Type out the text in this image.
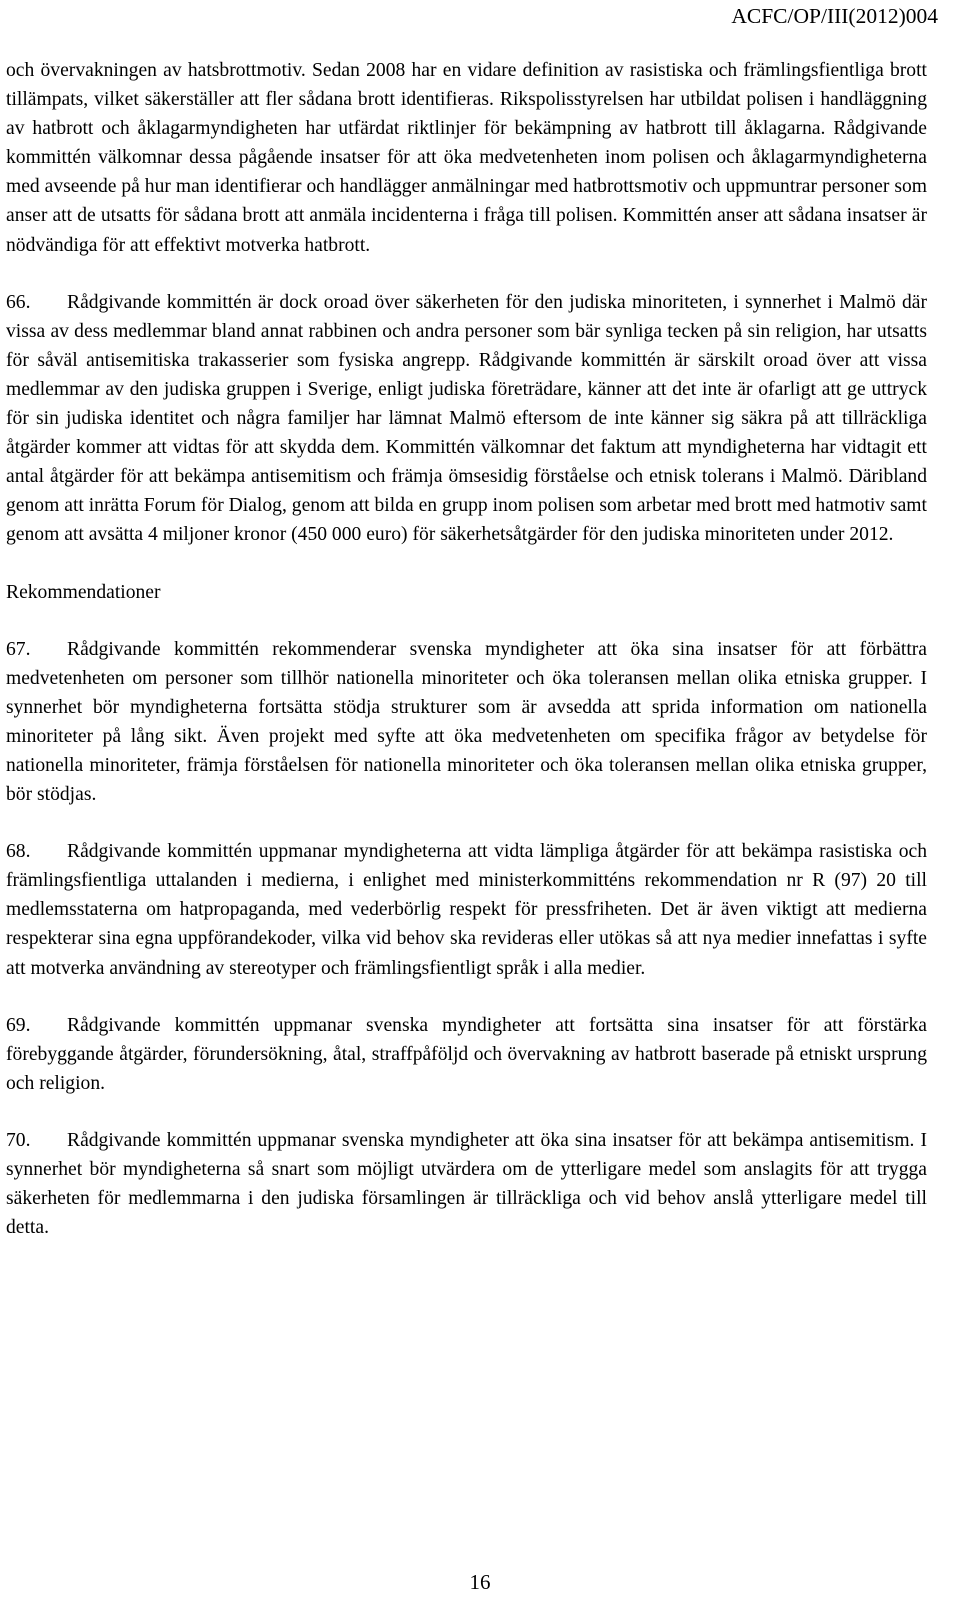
ACFC/OP/III(2012)004

och övervakningen av hatsbrottmotiv. Sedan 2008 har en vidare definition av rasistiska och främlingsfientliga brott tillämpats, vilket säkerställer att fler sådana brott identifieras. Rikspolisstyrelsen har utbildat polisen i handläggning av hatbrott och åklagarmyndigheten har utfärdat riktlinjer för bekämpning av hatbrott till åklagarna. Rådgivande kommittén välkomnar dessa pågående insatser för att öka medvetenheten inom polisen och åklagarmyndigheterna med avseende på hur man identifierar och handlägger anmälningar med hatbrottsmotiv och uppmuntrar personer som anser att de utsatts för sådana brott att anmäla incidenterna i fråga till polisen. Kommittén anser att sådana insatser är nödvändiga för att effektivt motverka hatbrott.

66. Rådgivande kommittén är dock oroad över säkerheten för den judiska minoriteten, i synnerhet i Malmö där vissa av dess medlemmar bland annat rabbinen och andra personer som bär synliga tecken på sin religion, har utsatts för såväl antisemitiska trakasserier som fysiska angrepp. Rådgivande kommittén är särskilt oroad över att vissa medlemmar av den judiska gruppen i Sverige, enligt judiska företrädare, känner att det inte är ofarligt att ge uttryck för sin judiska identitet och några familjer har lämnat Malmö eftersom de inte känner sig säkra på att tillräckliga åtgärder kommer att vidtas för att skydda dem. Kommittén välkomnar det faktum att myndigheterna har vidtagit ett antal åtgärder för att bekämpa antisemitism och främja ömsesidig förståelse och etnisk tolerans i Malmö. Däribland genom att inrätta Forum för Dialog, genom att bilda en grupp inom polisen som arbetar med brott med hatmotiv samt genom att avsätta 4 miljoner kronor (450 000 euro) för säkerhetsåtgärder för den judiska minoriteten under 2012.

Rekommendationer

67. Rådgivande kommittén rekommenderar svenska myndigheter att öka sina insatser för att förbättra medvetenheten om personer som tillhör nationella minoriteter och öka toleransen mellan olika etniska grupper. I synnerhet bör myndigheterna fortsätta stödja strukturer som är avsedda att sprida information om nationella minoriteter på lång sikt. Även projekt med syfte att öka medvetenheten om specifika frågor av betydelse för nationella minoriteter, främja förståelsen för nationella minoriteter och öka toleransen mellan olika etniska grupper, bör stödjas.

68. Rådgivande kommittén uppmanar myndigheterna att vidta lämpliga åtgärder för att bekämpa rasistiska och främlingsfientliga uttalanden i medierna, i enlighet med ministerkommitténs rekommendation nr R (97) 20 till medlemsstaterna om hatpropaganda, med vederbörlig respekt för pressfriheten. Det är även viktigt att medierna respekterar sina egna uppförandekoder, vilka vid behov ska revideras eller utökas så att nya medier innefattas i syfte att motverka användning av stereotyper och främlingsfientligt språk i alla medier.

69. Rådgivande kommittén uppmanar svenska myndigheter att fortsätta sina insatser för att förstärka förebyggande åtgärder, förundersökning, åtal, straffpåföljd och övervakning av hatbrott baserade på etniskt ursprung och religion.

70. Rådgivande kommittén uppmanar svenska myndigheter att öka sina insatser för att bekämpa antisemitism. I synnerhet bör myndigheterna så snart som möjligt utvärdera om de ytterligare medel som anslagits för att trygga säkerheten för medlemmarna i den judiska församlingen är tillräckliga och vid behov anslå ytterligare medel till detta.

16
